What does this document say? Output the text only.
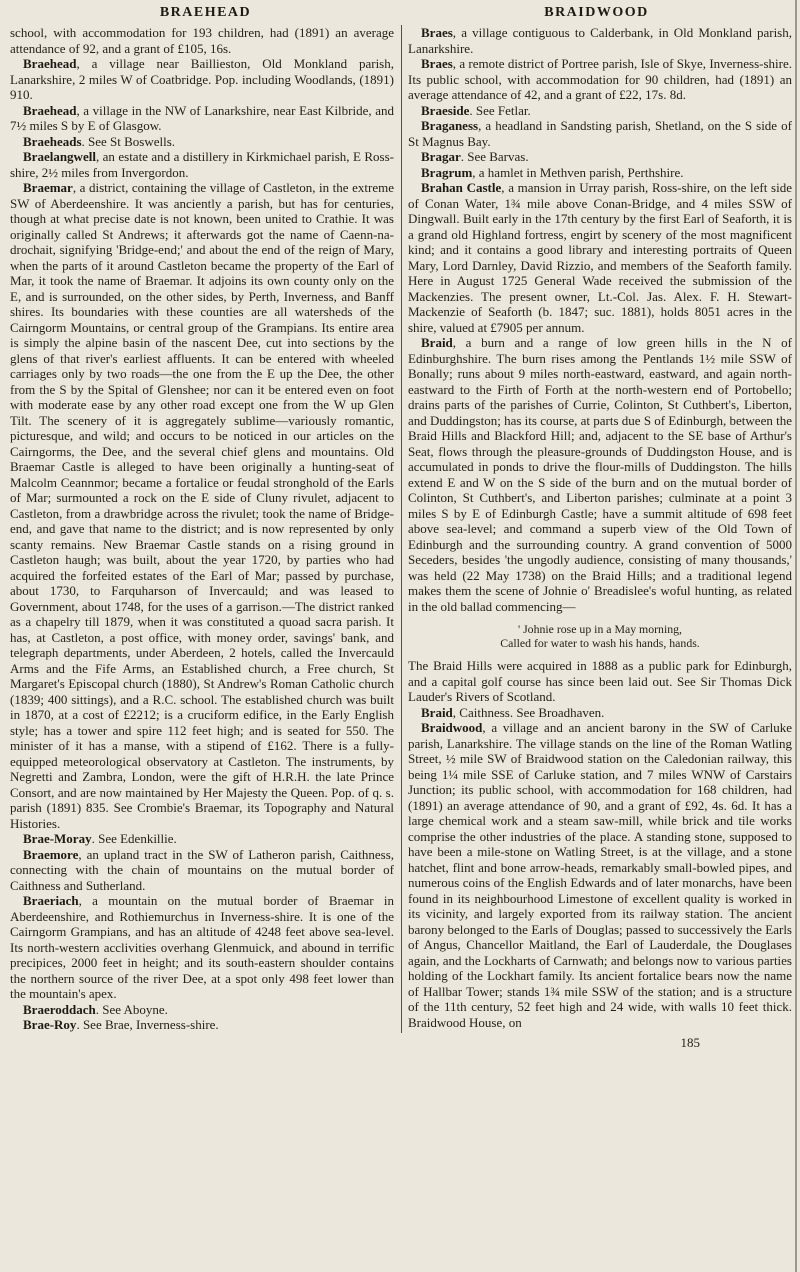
BRAEHEAD	BRAIDWOOD

school, with accommodation for 193 children, had (1891) an average attendance of 92, and a grant of £105, 16s.

Braehead, a village near Baillieston, Old Monkland parish, Lanarkshire, 2 miles W of Coatbridge. Pop. including Woodlands, (1891) 910.

Braehead, a village in the NW of Lanarkshire, near East Kilbride, and 7½ miles S by E of Glasgow.

Braeheads. See St Boswells.

Braelangwell, an estate and a distillery in Kirkmichael parish, E Ross-shire, 2½ miles from Invergordon.

Braemar, a district, containing the village of Castleton, in the extreme SW of Aberdeenshire. It was anciently a parish, but has for centuries, though at what precise date is not known, been united to Crathie. It was originally called St Andrews; it afterwards got the name of Caenn-na-drochait, signifying 'Bridge-end;' and about the end of the reign of Mary, when the parts of it around Castleton became the property of the Earl of Mar, it took the name of Braemar. It adjoins its own county only on the E, and is surrounded, on the other sides, by Perth, Inverness, and Banff shires. Its boundaries with these counties are all watersheds of the Cairngorm Mountains, or central group of the Grampians. Its entire area is simply the alpine basin of the nascent Dee, cut into sections by the glens of that river's earliest affluents. It can be entered with wheeled carriages only by two roads—the one from the E up the Dee, the other from the S by the Spital of Glenshee; nor can it be entered even on foot with moderate ease by any other road except one from the W up Glen Tilt. The scenery of it is aggregately sublime—variously romantic, picturesque, and wild; and occurs to be noticed in our articles on the Cairngorms, the Dee, and the several chief glens and mountains. Old Braemar Castle is alleged to have been originally a hunting-seat of Malcolm Ceannmor; became a fortalice or feudal stronghold of the Earls of Mar; surmounted a rock on the E side of Cluny rivulet, adjacent to Castleton, from a drawbridge across the rivulet; took the name of Bridge-end, and gave that name to the district; and is now represented by only scanty remains. New Braemar Castle stands on a rising ground in Castleton haugh; was built, about the year 1720, by parties who had acquired the forfeited estates of the Earl of Mar; passed by purchase, about 1730, to Farquharson of Invercauld; and was leased to Government, about 1748, for the uses of a garrison.—The district ranked as a chapelry till 1879, when it was constituted a quoad sacra parish. It has, at Castleton, a post office, with money order, savings' bank, and telegraph departments, under Aberdeen, 2 hotels, called the Invercauld Arms and the Fife Arms, an Established church, a Free church, St Margaret's Episcopal church (1880), St Andrew's Roman Catholic church (1839; 400 sittings), and a R.C. school. The established church was built in 1870, at a cost of £2212; is a cruciform edifice, in the Early English style; has a tower and spire 112 feet high; and is seated for 550. The minister of it has a manse, with a stipend of £162. There is a fully-equipped meteorological observatory at Castleton. The instruments, by Negretti and Zambra, London, were the gift of H.R.H. the late Prince Consort, and are now maintained by Her Majesty the Queen. Pop. of q. s. parish (1891) 835. See Crombie's Braemar, its Topography and Natural Histories.

Brae-Moray. See Edenkillie.

Braemore, an upland tract in the SW of Latheron parish, Caithness, connecting with the chain of mountains on the mutual border of Caithness and Sutherland.

Braeriach, a mountain on the mutual border of Braemar in Aberdeenshire, and Rothiemurchus in Inverness-shire. It is one of the Cairngorm Grampians, and has an altitude of 4248 feet above sea-level. Its north-western acclivities overhang Glenmuick, and abound in terrific precipices, 2000 feet in height; and its south-eastern shoulder contains the northern source of the river Dee, at a spot only 498 feet lower than the mountain's apex.

Braeroddach. See Aboyne.

Brae-Roy. See Brae, Inverness-shire.

Braes, a village contiguous to Calderbank, in Old Monkland parish, Lanarkshire.

Braes, a remote district of Portree parish, Isle of Skye, Inverness-shire. Its public school, with accommodation for 90 children, had (1891) an average attendance of 42, and a grant of £22, 17s. 8d.

Braeside. See Fetlar.

Braganess, a headland in Sandsting parish, Shetland, on the S side of St Magnus Bay.

Bragar. See Barvas.

Bragrum, a hamlet in Methven parish, Perthshire.

Brahan Castle, a mansion in Urray parish, Ross-shire, on the left side of Conan Water, 1¾ mile above Conan-Bridge, and 4 miles SSW of Dingwall. Built early in the 17th century by the first Earl of Seaforth, it is a grand old Highland fortress, engirt by scenery of the most magnificent kind; and it contains a good library and interesting portraits of Queen Mary, Lord Darnley, David Rizzio, and members of the Seaforth family. Here in August 1725 General Wade received the submission of the Mackenzies. The present owner, Lt.-Col. Jas. Alex. F. H. Stewart-Mackenzie of Seaforth (b. 1847; suc. 1881), holds 8051 acres in the shire, valued at £7905 per annum.

Braid, a burn and a range of low green hills in the N of Edinburghshire. The burn rises among the Pentlands 1½ mile SSW of Bonally; runs about 9 miles north-eastward, eastward, and again north-eastward to the Firth of Forth at the north-western end of Portobello; drains parts of the parishes of Currie, Colinton, St Cuthbert's, Liberton, and Duddingston; has its course, at parts due S of Edinburgh, between the Braid Hills and Blackford Hill; and, adjacent to the SE base of Arthur's Seat, flows through the pleasure-grounds of Duddingston House, and is accumulated in ponds to drive the flour-mills of Duddingston. The hills extend E and W on the S side of the burn and on the mutual border of Colinton, St Cuthbert's, and Liberton parishes; culminate at a point 3 miles S by E of Edinburgh Castle; have a summit altitude of 698 feet above sea-level; and command a superb view of the Old Town of Edinburgh and the surrounding country. A grand convention of 5000 Seceders, besides 'the ungodly audience, consisting of many thousands,' was held (22 May 1738) on the Braid Hills; and a traditional legend makes them the scene of Johnie o' Breadislee's woful hunting, as related in the old ballad commencing—

' Johnie rose up in a May morning,
Called for water to wash his hands, hands.

The Braid Hills were acquired in 1888 as a public park for Edinburgh, and a capital golf course has since been laid out. See Sir Thomas Dick Lauder's Rivers of Scotland.

Braid, Caithness. See Broadhaven.

Braidwood, a village and an ancient barony in the SW of Carluke parish, Lanarkshire. The village stands on the line of the Roman Watling Street, ½ mile SW of Braidwood station on the Caledonian railway, this being 1¼ mile SSE of Carluke station, and 7 miles WNW of Carstairs Junction; its public school, with accommodation for 168 children, had (1891) an average attendance of 90, and a grant of £92, 4s. 6d. It has a large chemical work and a steam saw-mill, while brick and tile works comprise the other industries of the place. A standing stone, supposed to have been a mile-stone on Watling Street, is at the village, and a stone hatchet, flint and bone arrow-heads, remarkably small-bowled pipes, and numerous coins of the English Edwards and of later monarchs, have been found in its neighbourhood Limestone of excellent quality is worked in its vicinity, and largely exported from its railway station. The ancient barony belonged to the Earls of Douglas; passed to successively the Earls of Angus, Chancellor Maitland, the Earl of Lauderdale, the Douglases again, and the Lockharts of Carnwath; and belongs now to various parties holding of the Lockhart family. Its ancient fortalice bears now the name of Hallbar Tower; stands 1¾ mile SSW of the station; and is a structure of the 11th century, 52 feet high and 24 wide, with walls 10 feet thick. Braidwood House, on

185
